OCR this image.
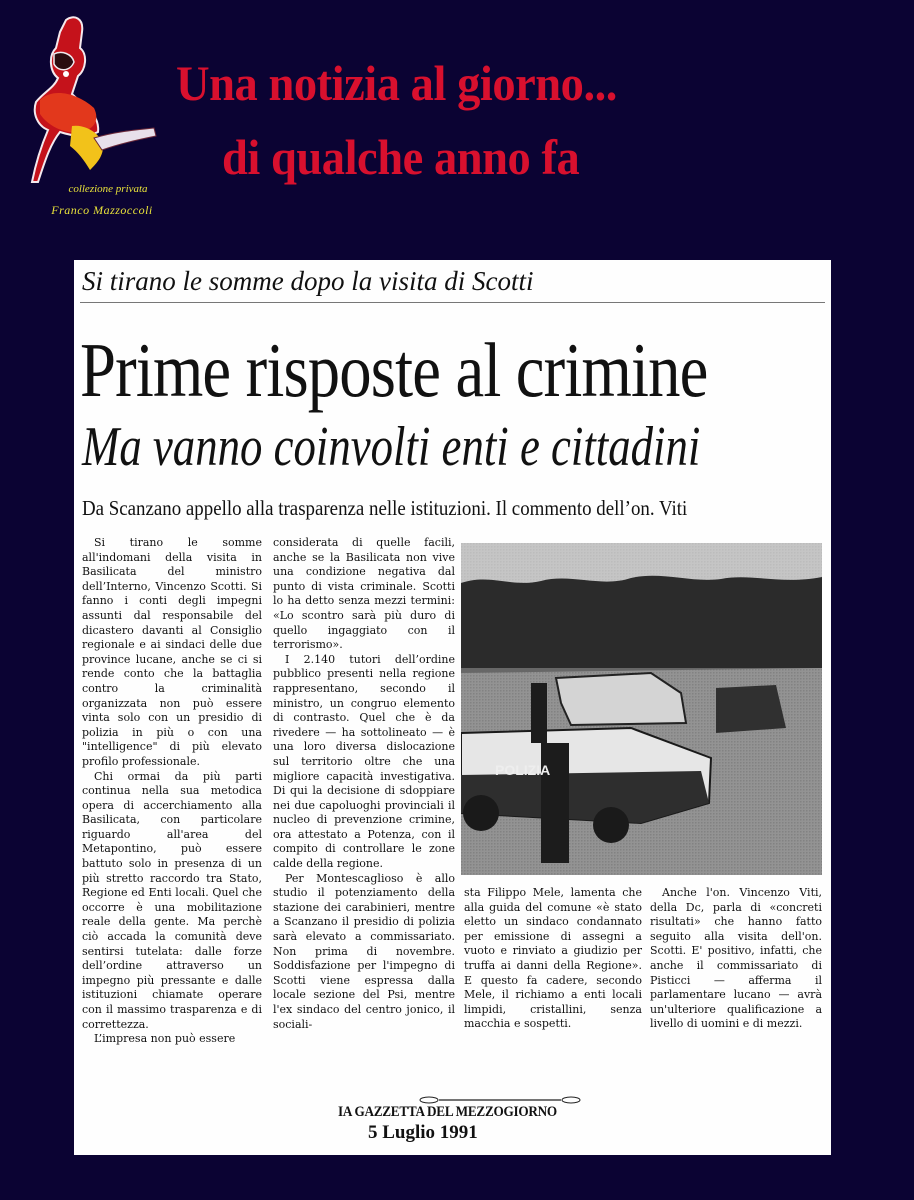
collezione privata
Franco Mazzoccoli
Una notizia al giorno...
di qualche anno fa
Si tirano le somme dopo la visita di Scotti
Prime risposte al crimine
Ma vanno coinvolti enti e cittadini
Da Scanzano appello alla trasparenza nelle istituzioni. Il commento dell’on. Viti

Si tirano le somme all'indomani della visita in Basilicata del ministro dell’Interno, Vincenzo Scotti. Si fanno i conti degli impegni assunti dal responsabile del dicastero davanti al Consiglio regionale e ai sindaci delle due province lucane, anche se ci si rende conto che la battaglia contro la criminalità organizzata non può essere vinta solo con un presidio di polizia in più o con una "intelligence" di più elevato profilo professionale.

Chi ormai da più parti continua nella sua metodica opera di accerchiamento alla Basilicata, con particolare riguardo all'area del Metapontino, può essere battuto solo in presenza di un più stretto raccordo tra Stato, Regione ed Enti locali. Quel che occorre è una mobilitazione reale della gente. Ma perchè ciò accada la comunità deve sentirsi tutelata: dalle forze dell’ordine attraverso un impegno più pressante e dalle istituzioni chiamate operare con il massimo trasparenza e di correttezza.

L’impresa non può essere

considerata di quelle facili, anche se la Basilicata non vive una condizione negativa dal punto di vista criminale. Scotti lo ha detto senza mezzi termini: «Lo scontro sarà più duro di quello ingaggiato con il terrorismo».

I 2.140 tutori dell’ordine pubblico presenti nella regione rappresentano, secondo il ministro, un congruo elemento di contrasto. Quel che è da rivedere — ha sottolineato — è una loro diversa dislocazione sul territorio oltre che una migliore capacità investigativa. Di qui la decisione di sdoppiare nei due capoluoghi provinciali il nucleo di prevenzione crimine, ora attestato a Potenza, con il compito di controllare le zone calde della regione.

Per Montescaglioso è allo studio il potenziamento della stazione dei carabinieri, mentre a Scanzano il presidio di polizia sarà elevato a commissariato. Non prima di novembre. Soddisfazione per l'impegno di Scotti viene espressa dalla locale sezione del Psi, mentre l'ex sindaco del centro jonico, il sociali-

POLIZIA

sta Filippo Mele, lamenta che alla guida del comune «è stato eletto un sindaco condannato per emissione di assegni a vuoto e rinviato a giudizio per truffa ai danni della Regione». E questo fa cadere, secondo Mele, il richiamo a enti locali limpidi, cristallini, senza macchia e sospetti.

Anche l'on. Vincenzo Viti, della Dc, parla di «concreti risultati» che hanno fatto seguito alla visita dell'on. Scotti. E' positivo, infatti, che anche il commissariato di Pisticci — afferma il parlamentare lucano — avrà un'ulteriore qualificazione a livello di uomini e di mezzi.

IA GAZZETTA DEL MEZZOGIORNO
5 Luglio 1991
